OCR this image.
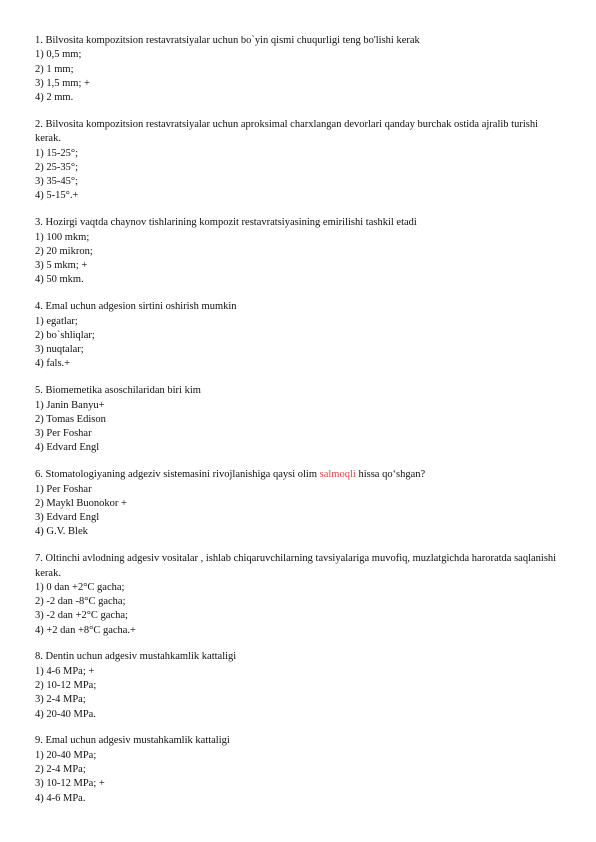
1. Bilvosita kompozitsion restavratsiyalar uchun bo`yin qismi chuqurligi teng bo'lishi kerak

1) 0,5 mm;

2) 1 mm;

3) 1,5 mm; +

4) 2 mm.

2. Bilvosita kompozitsion restavratsiyalar uchun aproksimal charxlangan devorlari qanday burchak ostida ajralib turishi kerak.

1) 15-25°;

2) 25-35°;

3) 35-45°;

4) 5-15°.+

3. Hozirgi vaqtda chaynov tishlarining kompozit restavratsiyasining emirilishi tashkil etadi

1) 100 mkm;

2) 20 mikron;

3) 5 mkm; +

4) 50 mkm.

4. Emal uchun adgesion sirtini oshirish mumkin

1) egatlar;

2) bo`shliqlar;

3) nuqtalar;

4) fals.+

5. Biomemetika asoschilaridan biri kim

1) Janin Banyu+

2) Tomas Edison

3) Per Foshar

4) Edvard Engl

6. Stomatologiyaning adgeziv sistemasini rivojlanishiga qaysi olim salmoqli hissa qo‘shgan?

1) Per Foshar

2) Maykl Buonokor +

3) Edvard Engl

4) G.V. Blek

7. Oltinchi avlodning adgesiv vositalar , ishlab chiqaruvchilarning tavsiyalariga muvofiq, muzlatgichda haroratda saqlanishi kerak.

1) 0 dan +2°C gacha;

2) -2 dan -8°C gacha;

3) -2 dan +2°C gacha;

4) +2 dan +8°C gacha.+

8. Dentin uchun adgesiv mustahkamlik kattaligi

1) 4-6 MPa; +

2) 10-12 MPa;

3) 2-4 MPa;

4) 20-40 MPa.

9. Emal uchun adgesiv mustahkamlik kattaligi

1) 20-40 MPa;

2) 2-4 MPa;

3) 10-12 MPa; +

4) 4-6 MPa.
